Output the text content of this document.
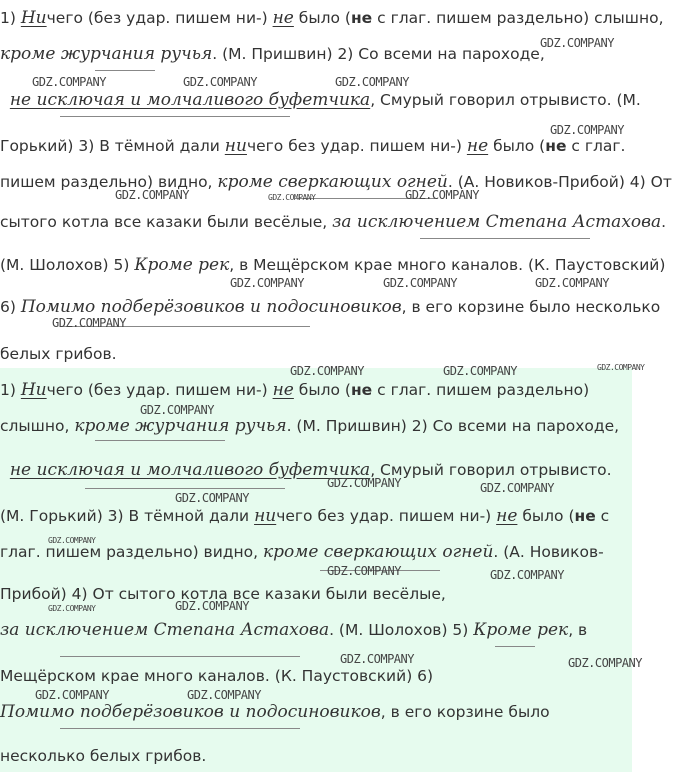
1) Ничего (без удар. пишем ни-) не было (не с глаг. пишем раздельно) слышно,
кроме журчания ручья. (М. Пришвин) 2) Со всеми на пароходе,
не исключая и молчаливого буфетчика, Смурый говорил отрывисто. (М.
Горький) 3) В тёмной дали ничего без удар. пишем ни-) не было (не с глаг.
пишем раздельно) видно, кроме сверкающих огней. (А. Новиков-Прибой) 4) От
сытого котла все казаки были весёлые, за исключением Степана Астахова.
(М. Шолохов) 5) Кроме рек, в Мещёрском крае много каналов. (К. Паустовский)
6) Помимо подберёзовиков и подосиновиков, в его корзине было несколько
белых грибов.
1) Ничего (без удар. пишем ни-) не было (не с глаг. пишем раздельно)
слышно, кроме журчания ручья. (М. Пришвин) 2) Со всеми на пароходе,
не исключая и молчаливого буфетчика, Смурый говорил отрывисто.
(М. Горький) 3) В тёмной дали ничего без удар. пишем ни-) не было (не с
глаг. пишем раздельно) видно, кроме сверкающих огней. (А. Новиков-
Прибой) 4) От сытого котла все казаки были весёлые,
за исключением Степана Астахова. (М. Шолохов) 5) Кроме рек, в
Мещёрском крае много каналов. (К. Паустовский) 6)
Помимо подберёзовиков и подосиновиков, в его корзине было
несколько белых грибов.
GDZ.COMPANY
GDZ.COMPANY	GDZ.COMPANY	GDZ.COMPANY
GDZ.COMPANY
GDZ.COMPANY	GDZ.COMPANY	GDZ.COMPANY
GDZ.COMPANY	GDZ.COMPANY	GDZ.COMPANY
GDZ.COMPANY
GDZ.COMPANY	GDZ.COMPANY	GDZ.COMPANY
GDZ.COMPANY
GDZ.COMPANY	GDZ.COMPANY
GDZ.COMPANY
GDZ.COMPANY
GDZ.COMPANY	GDZ.COMPANY
GDZ.COMPANY	GDZ.COMPANY
GDZ.COMPANY	GDZ.COMPANY
GDZ.COMPANY	GDZ.COMPANY
